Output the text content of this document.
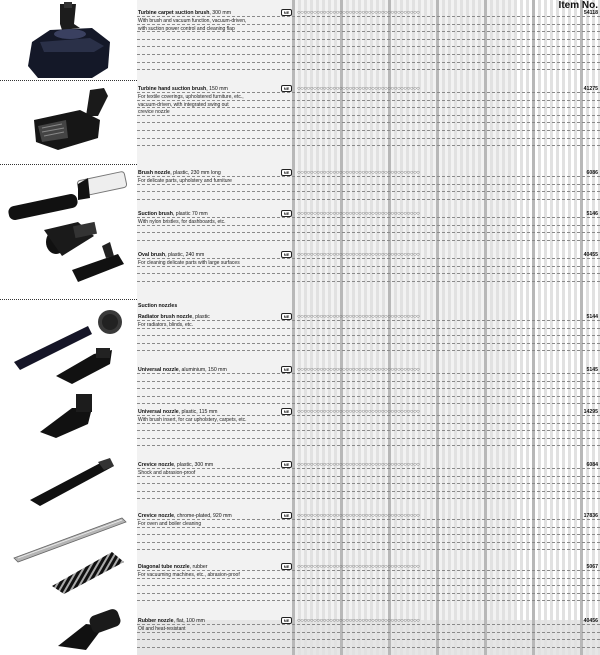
Item No.
Suction nozzles
Turbine carpet suction brush, 300 mm	NE	○○○○○○○○○○○○○○○○○○○○○○○○○○○○○○○○○○○○○○	54118
With brush and vacuum function, vacuum-driven,
with suction power control and cleaning flap
Turbine hand suction brush, 150 mm	NE	○○○○○○○○○○○○○○○○○○○○○○○○○○○○○○○○○○○○○○	41275
For textile coverings, upholstered furniture, etc.,
vacuum-driven, with integrated swing out
crevice nozzle
Brush nozzle, plastic, 230 mm long	NE	○○○○○○○○○○○○○○○○○○○○○○○○○○○○○○○○○○○○○○	6086
For delicate parts, upholstery and furniture
Suction brush, plastic 70 mm	NE	○○○○○○○○○○○○○○○○○○○○○○○○○○○○○○○○○○○○○○	5146
With nylon bristles, for dashboards, etc.
Oval brush, plastic, 240 mm	NE	○○○○○○○○○○○○○○○○○○○○○○○○○○○○○○○○○○○○○○	40455
For cleaning delicate parts with large surfaces
Radiator brush nozzle, plastic	NE	○○○○○○○○○○○○○○○○○○○○○○○○○○○○○○○○○○○○○○	5144
For radiators, blinds, etc.
Universal nozzle, aluminium, 150 mm	NE	○○○○○○○○○○○○○○○○○○○○○○○○○○○○○○○○○○○○○○	5145
Universal nozzle, plastic, 115 mm	NE	○○○○○○○○○○○○○○○○○○○○○○○○○○○○○○○○○○○○○○	14295
With brush insert, for car upholstery, carpets, etc.
Crevice nozzle, plastic, 300 mm	NE	○○○○○○○○○○○○○○○○○○○○○○○○○○○○○○○○○○○○○○	6084
Shock and abrasion-proof
Crevice nozzle, chrome-plated, 920 mm	NE	○○○○○○○○○○○○○○○○○○○○○○○○○○○○○○○○○○○○○○	17836
For oven and boiler cleaning
Diagonal tube nozzle, rubber	NE	○○○○○○○○○○○○○○○○○○○○○○○○○○○○○○○○○○○○○○	5067
For vacuuming machines, etc., abrasion-proof
Rubber nozzle, flat, 100 mm	NE	○○○○○○○○○○○○○○○○○○○○○○○○○○○○○○○○○○○○○○	40456
Oil and heat-resistant
